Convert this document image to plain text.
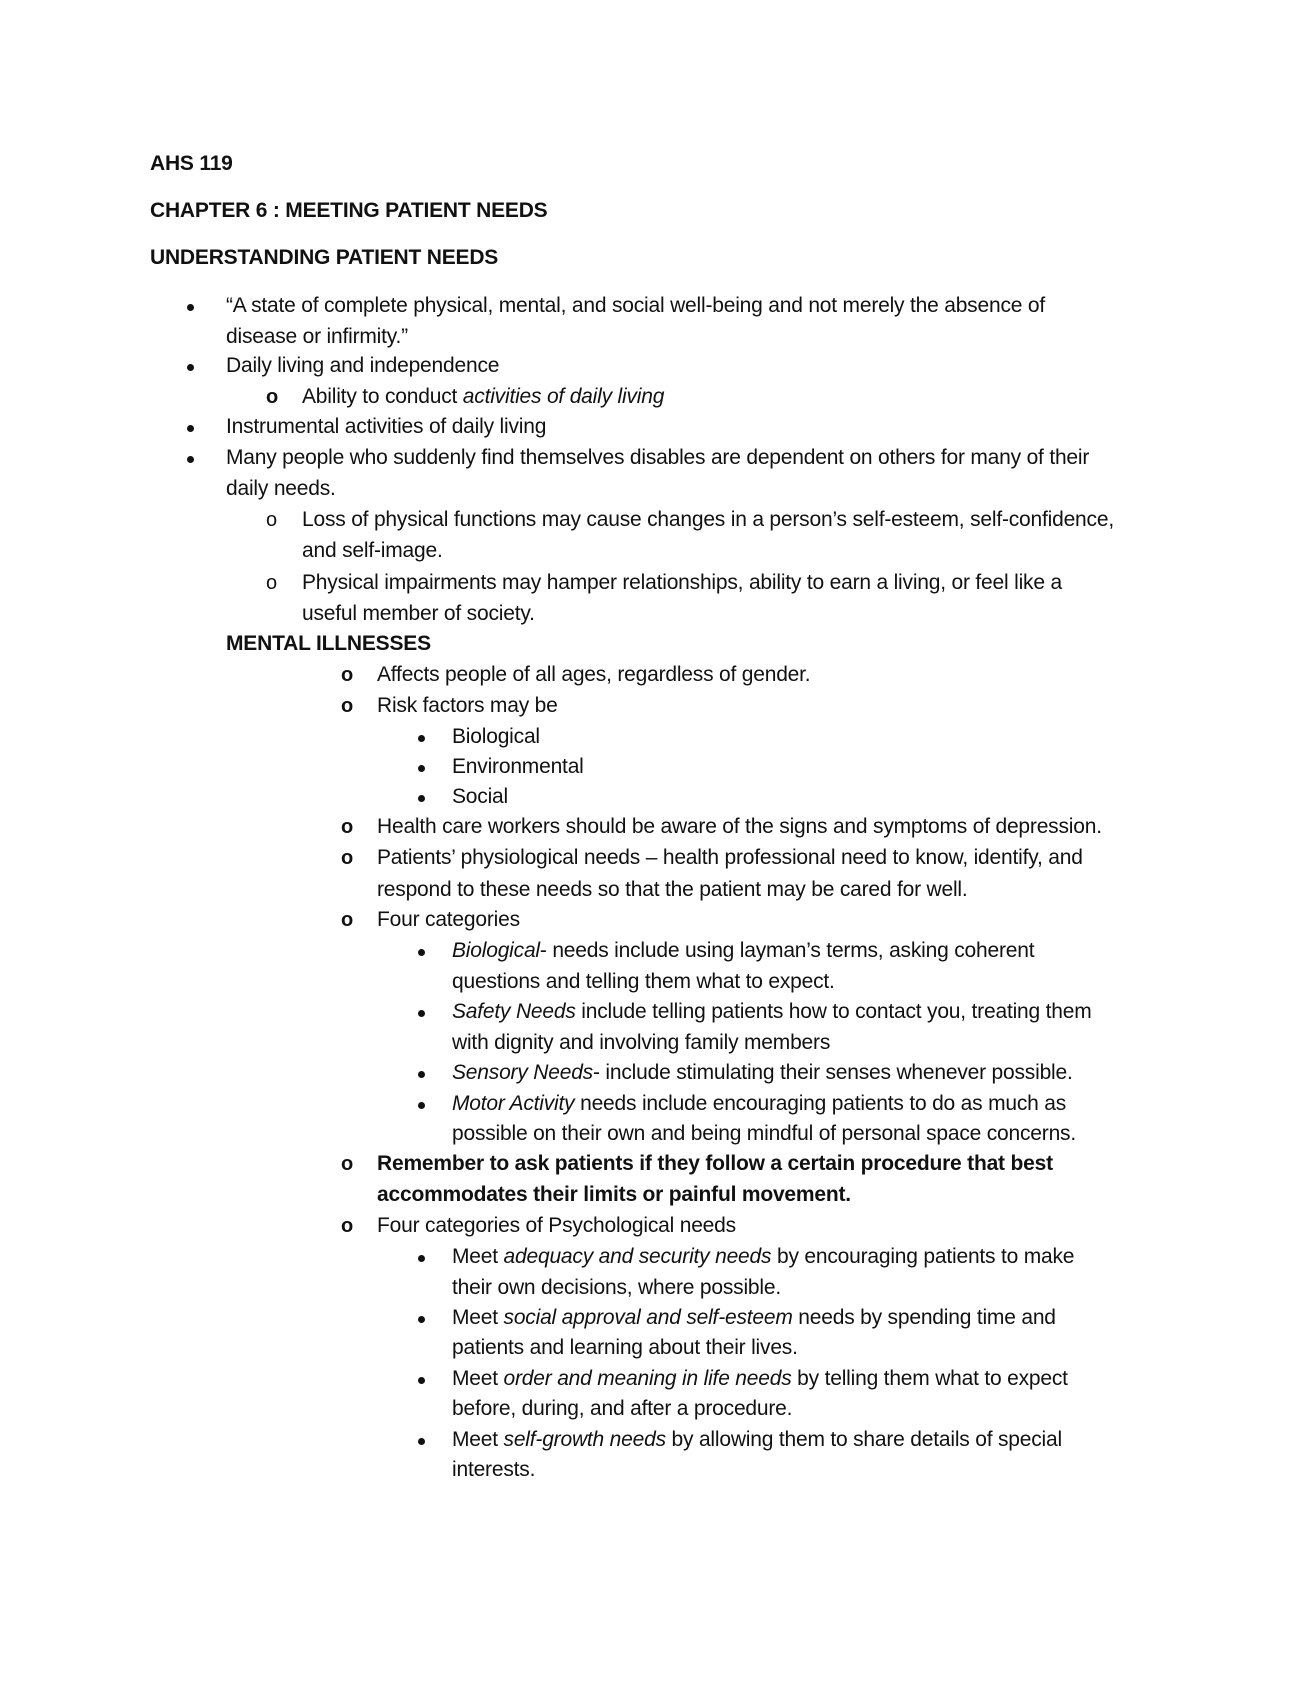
AHS 119
CHAPTER 6 : MEETING PATIENT NEEDS
UNDERSTANDING PATIENT NEEDS
“A state of complete physical, mental, and social well-being and not merely the absence of
disease or infirmity.”
Daily living and independence
o Ability to conduct activities of daily living
Instrumental activities of daily living
Many people who suddenly find themselves disables are dependent on others for many of their
daily needs.
o Loss of physical functions may cause changes in a person’s self-esteem, self-confidence,
and self-image.
o Physical impairments may hamper relationships, ability to earn a living, or feel like a
useful member of society.
MENTAL ILLNESSES
o Affects people of all ages, regardless of gender.
o Risk factors may be
Biological
Environmental
Social
o Health care workers should be aware of the signs and symptoms of depression.
o Patients’ physiological needs – health professional need to know, identify, and
respond to these needs so that the patient may be cared for well.
o Four categories
Biological- needs include using layman’s terms, asking coherent
questions and telling them what to expect.
Safety Needs include telling patients how to contact you, treating them
with dignity and involving family members
Sensory Needs- include stimulating their senses whenever possible.
Motor Activity needs include encouraging patients to do as much as
possible on their own and being mindful of personal space concerns.
o Remember to ask patients if they follow a certain procedure that best
accommodates their limits or painful movement.
o Four categories of Psychological needs
Meet adequacy and security needs by encouraging patients to make
their own decisions, where possible.
Meet social approval and self-esteem needs by spending time and
patients and learning about their lives.
Meet order and meaning in life needs by telling them what to expect
before, during, and after a procedure.
Meet self-growth needs by allowing them to share details of special
interests.
